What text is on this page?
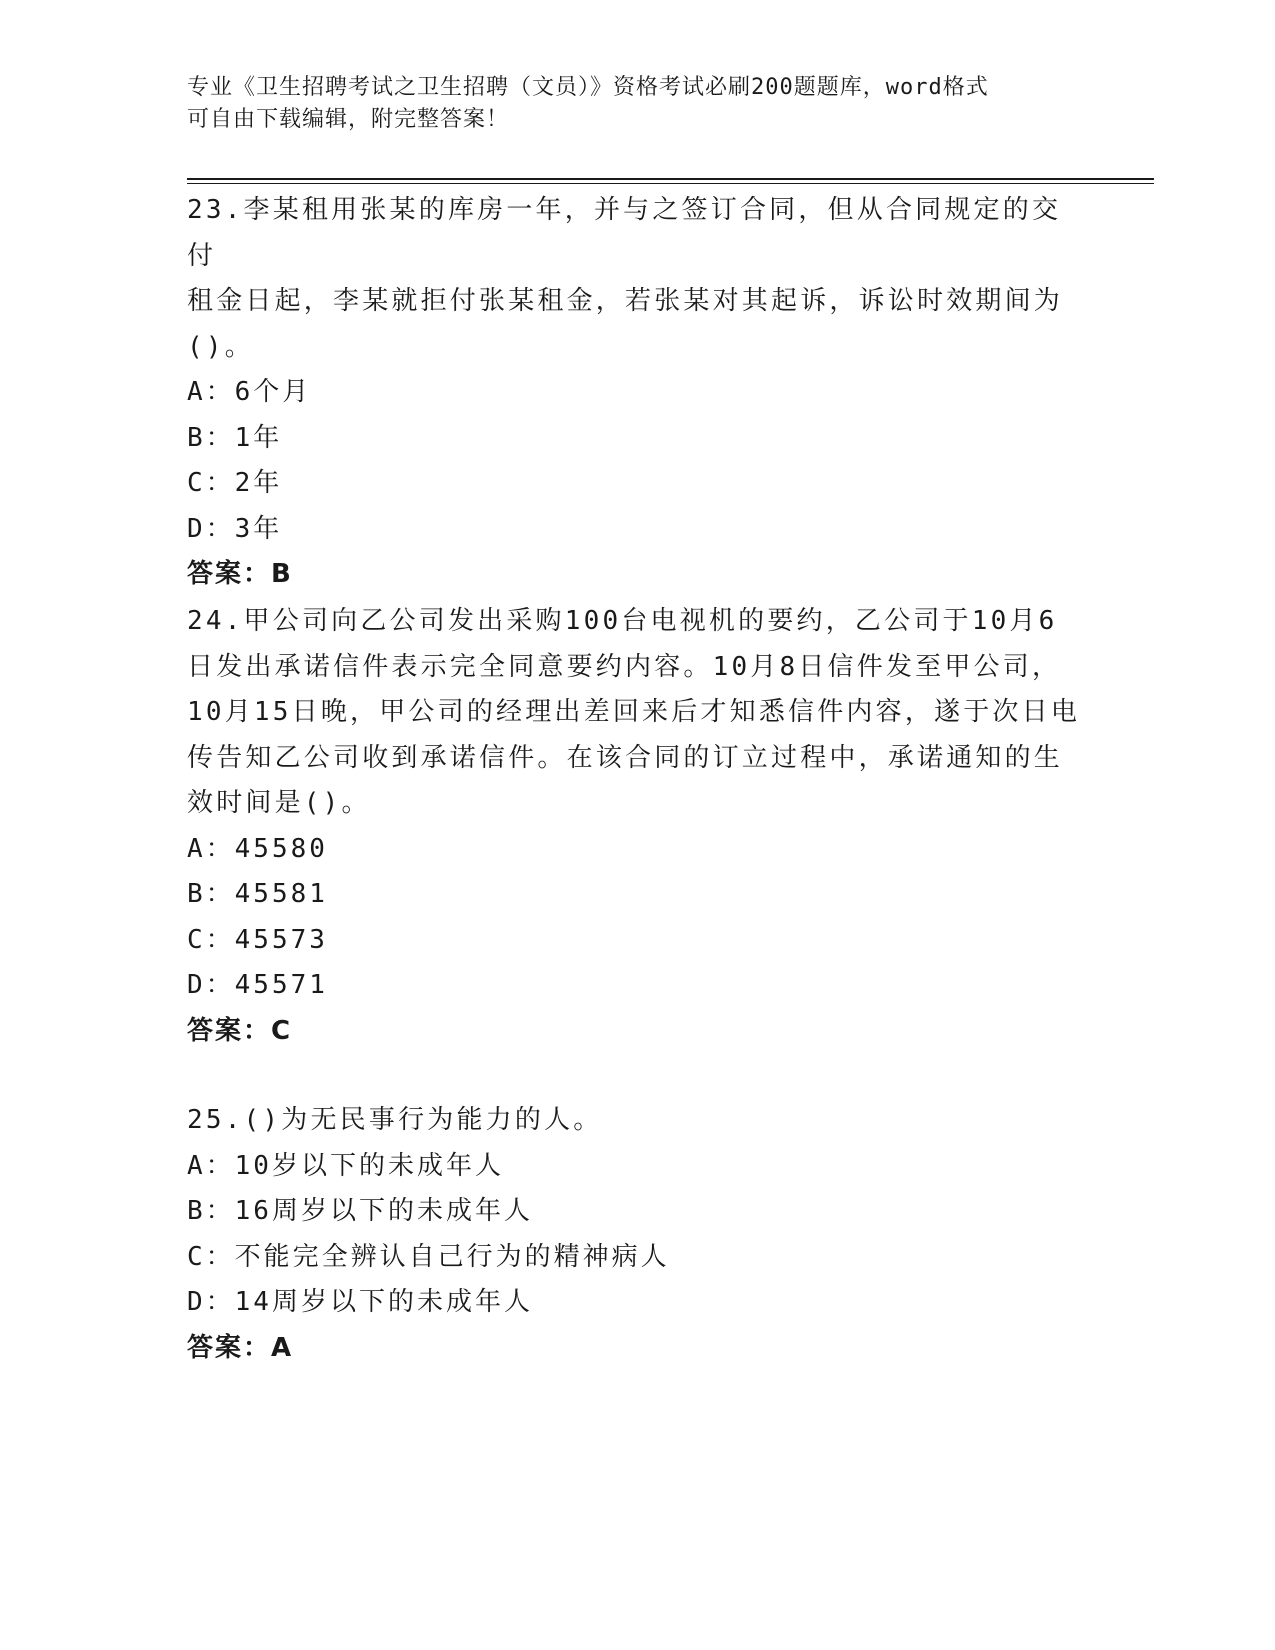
专业《卫生招聘考试之卫生招聘（文员）》资格考试必刷200题题库，word格式
可自由下载编辑，附完整答案！

23.李某租用张某的库房一年，并与之签订合同，但从合同规定的交付

租金日起，李某就拒付张某租金，若张某对其起诉，诉讼时效期间为

()。

A：6个月

B：1年

C：2年

D：3年

答案：B

24.甲公司向乙公司发出采购100台电视机的要约，乙公司于10月6

日发出承诺信件表示完全同意要约内容。10月8日信件发至甲公司，

10月15日晚，甲公司的经理出差回来后才知悉信件内容，遂于次日电

传告知乙公司收到承诺信件。在该合同的订立过程中，承诺通知的生

效时间是()。

A：45580

B：45581

C：45573

D：45571

答案：C

25.()为无民事行为能力的人。

A：10岁以下的未成年人

B：16周岁以下的未成年人

C：不能完全辨认自己行为的精神病人

D：14周岁以下的未成年人

答案：A
